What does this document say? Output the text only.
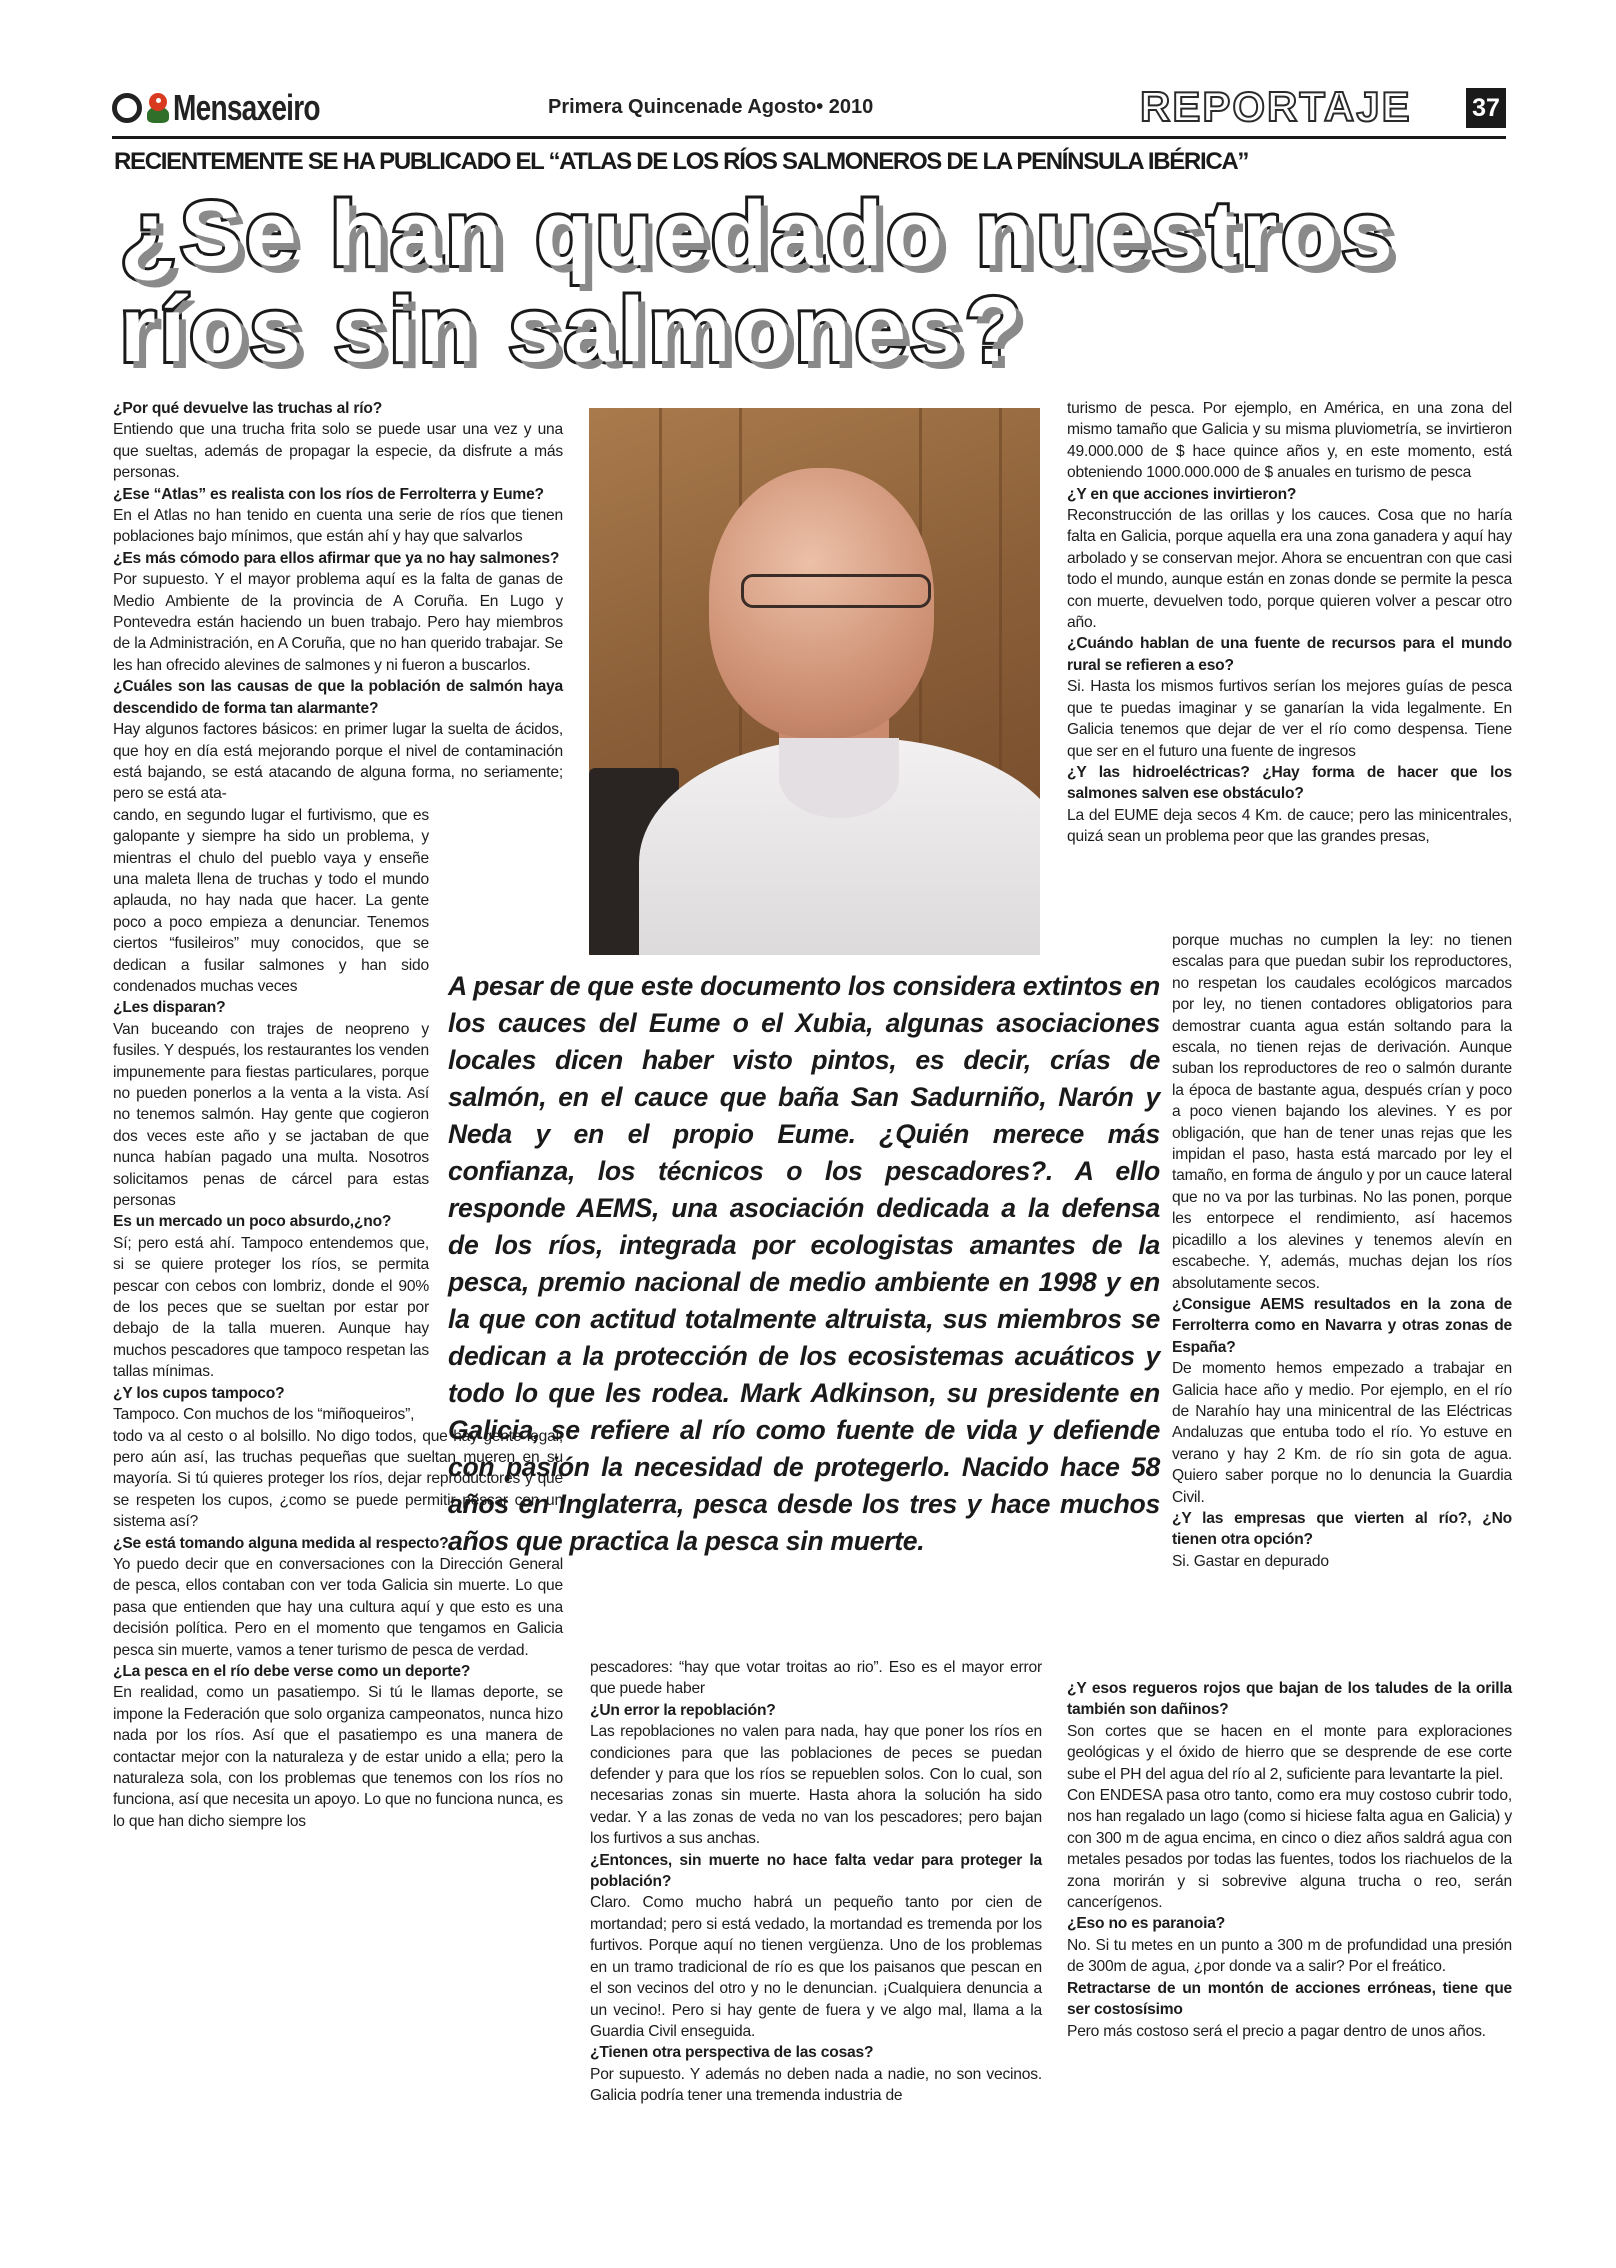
Mensaxeiro	Primera Quincenade Agosto• 2010	REPORTAJE 37
RECIENTEMENTE SE HA PUBLICADO EL “ATLAS DE LOS RÍOS SALMONEROS DE LA PENÍNSULA IBÉRICA”
¿Se han quedado nuestros
ríos sin salmones?

¿Por qué devuelve las truchas al río?

Entiendo que una trucha frita solo se puede usar una vez y una que sueltas, además de propagar la especie, da disfrute a más personas.

¿Ese “Atlas” es realista con los ríos de Ferrolterra y Eume?

En el Atlas no han tenido en cuenta una serie de ríos que tienen poblaciones bajo mínimos, que están ahí y hay que salvarlos

¿Es más cómodo para ellos afirmar que ya no hay salmones?

Por supuesto. Y el mayor problema aquí es la falta de ganas de Medio Ambiente de la provincia de A Coruña. En Lugo y Pontevedra están haciendo un buen trabajo. Pero hay miembros de la Administración, en A Coruña, que no han querido trabajar. Se les han ofrecido alevines de salmones y ni fueron a buscarlos.

¿Cuáles son las causas de que la población de salmón haya descendido de forma tan alarmante?

Hay algunos factores básicos: en primer lugar la suelta de ácidos, que hoy en día está mejorando porque el nivel de contaminación está bajando, se está atacando de alguna forma, no seriamente; pero se está ata-

cando, en segundo lugar el furtivismo, que es galopante y siempre ha sido un problema, y mientras el chulo del pueblo vaya y enseñe una maleta llena de truchas y todo el mundo aplauda, no hay nada que hacer. La gente poco a poco empieza a denunciar. Tenemos ciertos “fusileiros” muy conocidos, que se dedican a fusilar salmones y han sido condenados muchas veces

¿Les disparan?

Van buceando con trajes de neopreno y fusiles. Y después, los restaurantes los venden impunemente para fiestas particulares, porque no pueden ponerlos a la venta a la vista. Así no tenemos salmón. Hay gente que cogieron dos veces este año y se jactaban de que nunca habían pagado una multa. Nosotros solicitamos penas de cárcel para estas personas

Es un mercado un poco absurdo,¿no?

Sí; pero está ahí. Tampoco entendemos que, si se quiere proteger los ríos, se permita pescar con cebos con lombriz, donde el 90% de los peces que se sueltan por estar por debajo de la talla mueren. Aunque hay muchos pescadores que tampoco respetan las tallas mínimas.

¿Y los cupos tampoco?

Tampoco. Con muchos de los “miñoqueiros”,

todo va al cesto o al bolsillo. No digo todos, que hay gente legal; pero aún así, las truchas pequeñas que sueltan mueren en su mayoría. Si tú quieres proteger los ríos, dejar reproductores y que se respeten los cupos, ¿como se puede permitir pescar con un sistema así?

¿Se está tomando alguna medida al respecto?

Yo puedo decir que en conversaciones con la Dirección General de pesca, ellos contaban con ver toda Galicia sin muerte. Lo que pasa que entienden que hay una cultura aquí y que esto es una decisión política. Pero en el momento que tengamos en Galicia pesca sin muerte, vamos a tener turismo de pesca de verdad.

¿La pesca en el río debe verse como un deporte?

En realidad, como un pasatiempo. Si tú le llamas deporte, se impone la Federación que solo organiza campeonatos, nunca hizo nada por los ríos. Así que el pasatiempo es una manera de contactar mejor con la naturaleza y de estar unido a ella; pero la naturaleza sola, con los problemas que tenemos con los ríos no funciona, así que necesita un apoyo. Lo que no funciona nunca, es lo que han dicho siempre los

A pesar de que este documento los considera extintos en los cauces del Eume o el Xubia, algunas asociaciones locales dicen haber visto pintos, es decir, crías de salmón, en el cauce que baña San Sadurniño, Narón y Neda y en el propio Eume. ¿Quién merece más confianza, los técnicos o los pescadores?. A ello responde AEMS, una asociación dedicada a la defensa de los ríos, integrada por ecologistas amantes de la pesca, premio nacional de medio ambiente en 1998 y en la que con actitud totalmente altruista, sus miembros se dedican a la protección de los ecosistemas acuáticos y todo lo que les rodea. Mark Adkinson, su presidente en Galicia, se refiere al río como fuente de vida y defiende con pasión la necesidad de protegerlo. Nacido hace 58 años en Inglaterra, pesca desde los tres y hace muchos años que practica la pesca sin muerte.

pescadores: “hay que votar troitas ao rio”. Eso es el mayor error que puede haber

¿Un error la repoblación?

Las repoblaciones no valen para nada, hay que poner los ríos en condiciones para que las poblaciones de peces se puedan defender y para que los ríos se repueblen solos. Con lo cual, son necesarias zonas sin muerte. Hasta ahora la solución ha sido vedar. Y a las zonas de veda no van los pescadores; pero bajan los furtivos a sus anchas.

¿Entonces, sin muerte no hace falta vedar para proteger la población?

Claro. Como mucho habrá un pequeño tanto por cien de mortandad; pero si está vedado, la mortandad es tremenda por los furtivos. Porque aquí no tienen vergüenza. Uno de los problemas en un tramo tradicional de río es que los paisanos que pescan en el son vecinos del otro y no le denuncian. ¡Cualquiera denuncia a un vecino!. Pero si hay gente de fuera y ve algo mal, llama a la Guardia Civil enseguida.

¿Tienen otra perspectiva de las cosas?

Por supuesto. Y además no deben nada a nadie, no son vecinos. Galicia podría tener una tremenda industria de

turismo de pesca. Por ejemplo, en América, en una zona del mismo tamaño que Galicia y su misma pluviometría, se invirtieron 49.000.000 de $ hace quince años y, en este momento, está obteniendo 1000.000.000 de $ anuales en turismo de pesca

¿Y en que acciones invirtieron?

Reconstrucción de las orillas y los cauces. Cosa que no haría falta en Galicia, porque aquella era una zona ganadera y aquí hay arbolado y se conservan mejor. Ahora se encuentran con que casi todo el mundo, aunque están en zonas donde se permite la pesca con muerte, devuelven todo, porque quieren volver a pescar otro año.

¿Cuándo hablan de una fuente de recursos para el mundo rural se refieren a eso?

Si. Hasta los mismos furtivos serían los mejores guías de pesca que te puedas imaginar y se ganarían la vida legalmente. En Galicia tenemos que dejar de ver el río como despensa. Tiene que ser en el futuro una fuente de ingresos

¿Y las hidroeléctricas? ¿Hay forma de hacer que los salmones salven ese obstáculo?

La del EUME deja secos 4 Km. de cauce; pero las minicentrales, quizá sean un problema peor que las grandes presas,

porque muchas no cumplen la ley: no tienen escalas para que puedan subir los reproductores, no respetan los caudales ecológicos marcados por ley, no tienen contadores obligatorios para demostrar cuanta agua están soltando para la escala, no tienen rejas de derivación. Aunque suban los reproductores de reo o salmón durante la época de bastante agua, después crían y poco a poco vienen bajando los alevines. Y es por obligación, que han de tener unas rejas que les impidan el paso, hasta está marcado por ley el tamaño, en forma de ángulo y por un cauce lateral que no va por las turbinas. No las ponen, porque les entorpece el rendimiento, así hacemos picadillo a los alevines y tenemos alevín en escabeche. Y, además, muchas dejan los ríos absolutamente secos.

¿Consigue AEMS resultados en la zona de Ferrolterra como en Navarra y otras zonas de España?

De momento hemos empezado a trabajar en Galicia hace año y medio. Por ejemplo, en el río de Narahío hay una minicentral de las Eléctricas Andaluzas que entuba todo el río. Yo estuve en verano y hay 2 Km. de río sin gota de agua. Quiero saber porque no lo denuncia la Guardia Civil.

¿Y las empresas que vierten al río?, ¿No tienen otra opción?

Si. Gastar en depurado

¿Y esos regueros rojos que bajan de los taludes de la orilla también son dañinos?

Son cortes que se hacen en el monte para exploraciones geológicas y el óxido de hierro que se desprende de ese corte sube el PH del agua del río al 2, suficiente para levantarte la piel.

Con ENDESA pasa otro tanto, como era muy costoso cubrir todo, nos han regalado un lago (como si hiciese falta agua en Galicia) y con 300 m de agua encima, en cinco o diez años saldrá agua con metales pesados por todas las fuentes, todos los riachuelos de la zona morirán y si sobrevive alguna trucha o reo, serán cancerígenos.

¿Eso no es paranoia?

No. Si tu metes en un punto a 300 m de profundidad una presión de 300m de agua, ¿por donde va a salir? Por el freático.

Retractarse de un montón de acciones erróneas, tiene que ser costosísimo

Pero más costoso será el precio a pagar dentro de unos años.
